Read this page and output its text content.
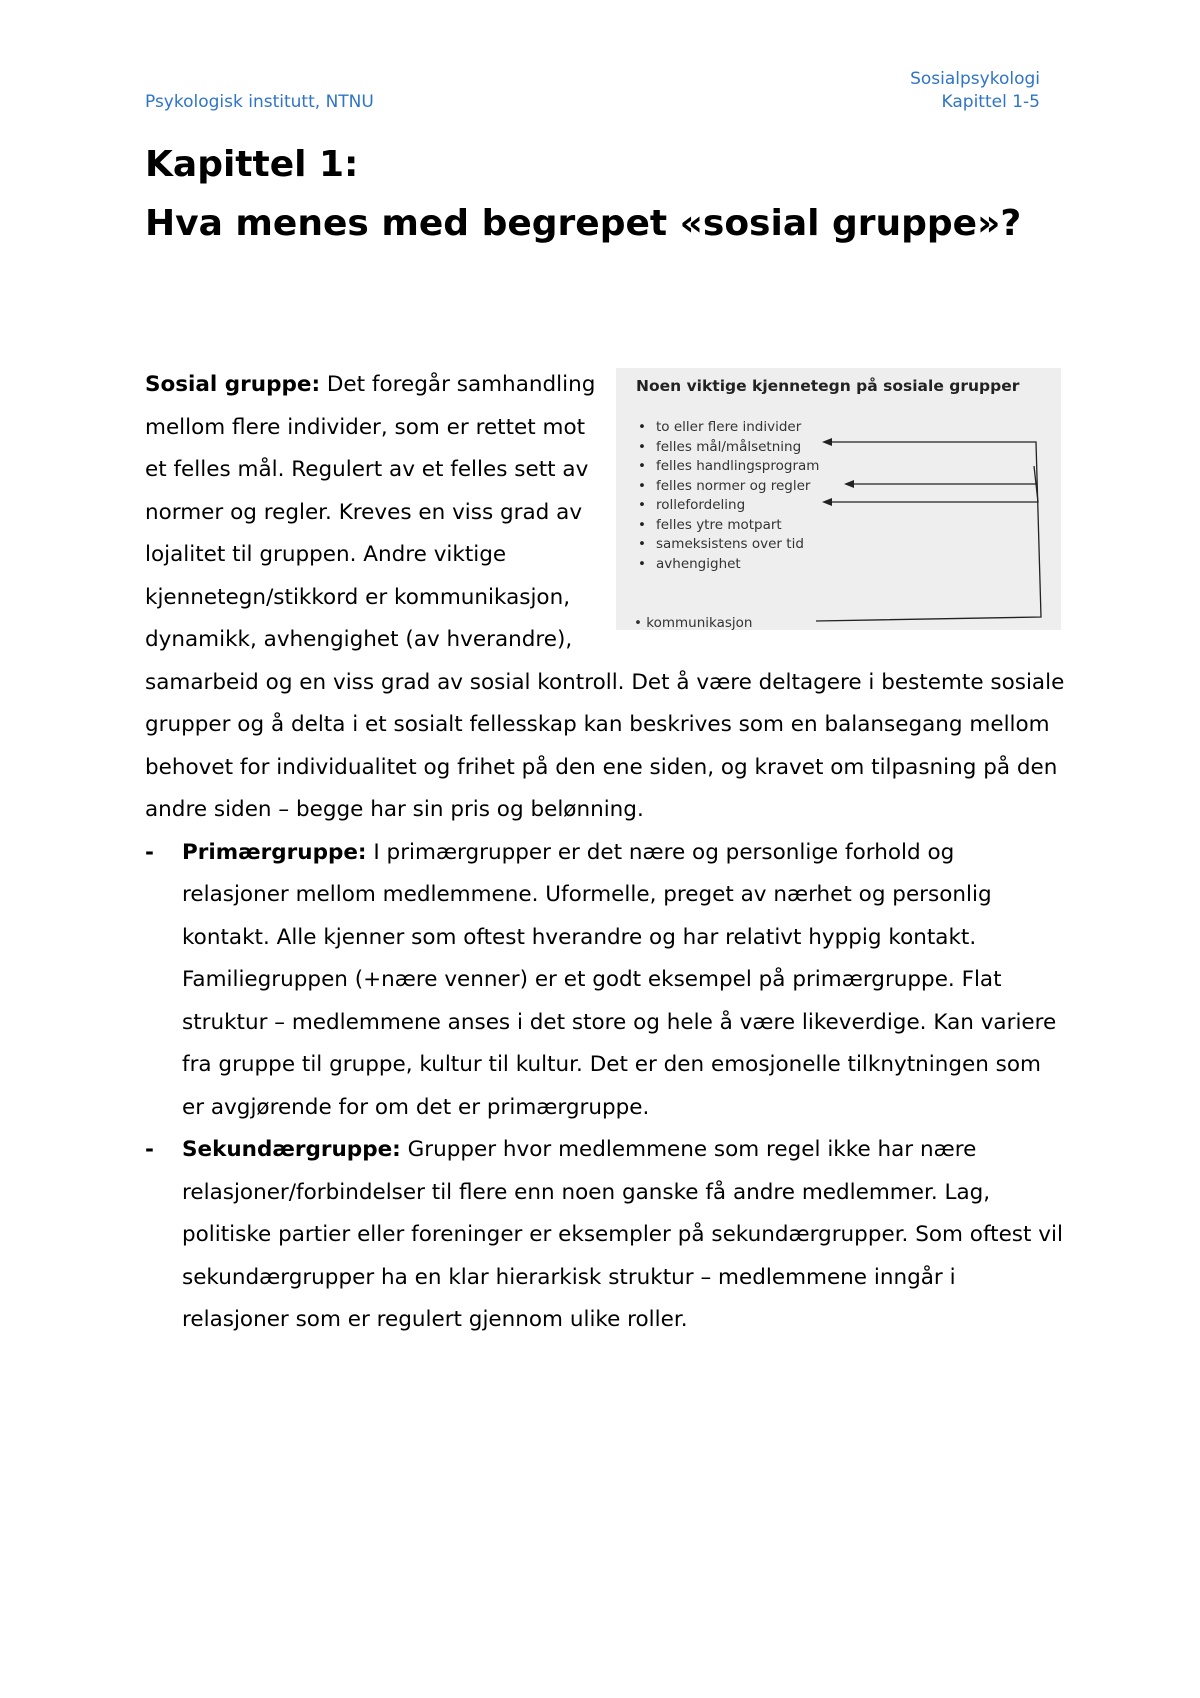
Psykologisk institutt, NTNU
Sosialpsykologi
Kapittel 1-5
Kapittel 1:
Hva menes med begrepet «sosial gruppe»?
Noen viktige kjennetegn på sosiale grupper
• to eller flere individer
• felles mål/målsetning
• felles handlingsprogram
• felles normer og regler
• rollefordeling
• felles ytre motpart
• sameksistens over tid
• avhengighet
• kommunikasjon

Sosial gruppe: Det foregår samhandling mellom flere individer, som er rettet mot et felles mål. Regulert av et felles sett av normer og regler. Kreves en viss grad av lojalitet til gruppen. Andre viktige kjennetegn/stikkord er kommunikasjon, dynamikk, avhengighet (av hverandre), samarbeid og en viss grad av sosial kontroll. Det å være deltagere i bestemte sosiale grupper og å delta i et sosialt fellesskap kan beskrives som en balansegang mellom behovet for individualitet og frihet på den ene siden, og kravet om tilpasning på den andre siden – begge har sin pris og belønning.

- Primærgruppe: I primærgrupper er det nære og personlige forhold og relasjoner mellom medlemmene. Uformelle, preget av nærhet og personlig kontakt. Alle kjenner som oftest hverandre og har relativt hyppig kontakt. Familiegruppen (+nære venner) er et godt eksempel på primærgruppe. Flat struktur – medlemmene anses i det store og hele å være likeverdige. Kan variere fra gruppe til gruppe, kultur til kultur. Det er den emosjonelle tilknytningen som er avgjørende for om det er primærgruppe.
- Sekundærgruppe: Grupper hvor medlemmene som regel ikke har nære relasjoner/forbindelser til flere enn noen ganske få andre medlemmer. Lag, politiske partier eller foreninger er eksempler på sekundærgrupper. Som oftest vil sekundærgrupper ha en klar hierarkisk struktur – medlemmene inngår i relasjoner som er regulert gjennom ulike roller.
